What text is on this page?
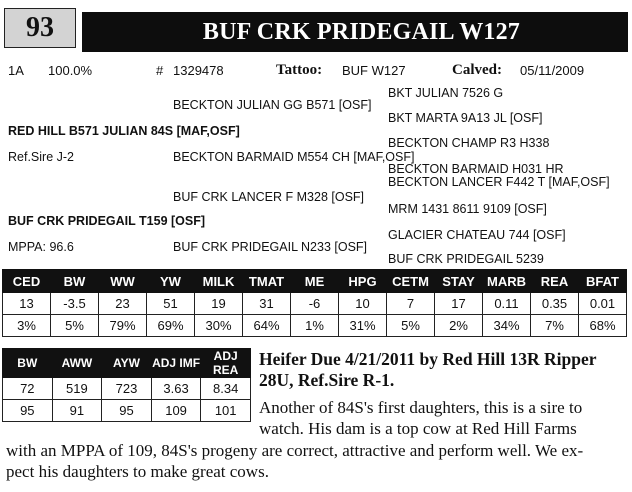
93	BUF CRK PRIDEGAIL W127
1A 100.0%	# 1329478	Tattoo: BUF W127	Calved: 05/11/2009
BKT JULIAN 7526 G
BECKTON JULIAN GG B571 [OSF]
BKT MARTA 9A13 JL [OSF]
RED HILL B571 JULIAN 84S [MAF,OSF]
BECKTON CHAMP R3 H338
Ref.Sire J-2	BECKTON BARMAID M554 CH [MAF,OSF]
BECKTON BARMAID H031 HR
BECKTON LANCER F442 T [MAF,OSF]
BUF CRK LANCER F M328 [OSF]
MRM 1431 8611 9109 [OSF]
BUF CRK PRIDEGAIL T159 [OSF]
GLACIER CHATEAU 744 [OSF]
MPPA: 96.6	BUF CRK PRIDEGAIL N233 [OSF]
BUF CRK PRIDEGAIL 5239
CED	BW	WW	YW	MILK	TMAT	ME	HPG	CETM	STAY	MARB	REA	BFAT
13	-3.5	23	51	19	31	-6	10	7	17	0.11	0.35	0.01
3%	5%	79%	69%	30%	64%	1%	31%	5%	2%	34%	7%	68%
BW	AWW	AYW	ADJ IMF	ADJ REA
72	519	723	3.63	8.34
95	91	95	109	101
Heifer Due 4/21/2011 by Red Hill 13R Ripper 28U, Ref.Sire R-1.
Another of 84S's first daughters, this is a sire to
watch. His dam is a top cow at Red Hill Farms
with an MPPA of 109, 84S's progeny are correct, attractive and perform well. We ex-
pect his daughters to make great cows.
